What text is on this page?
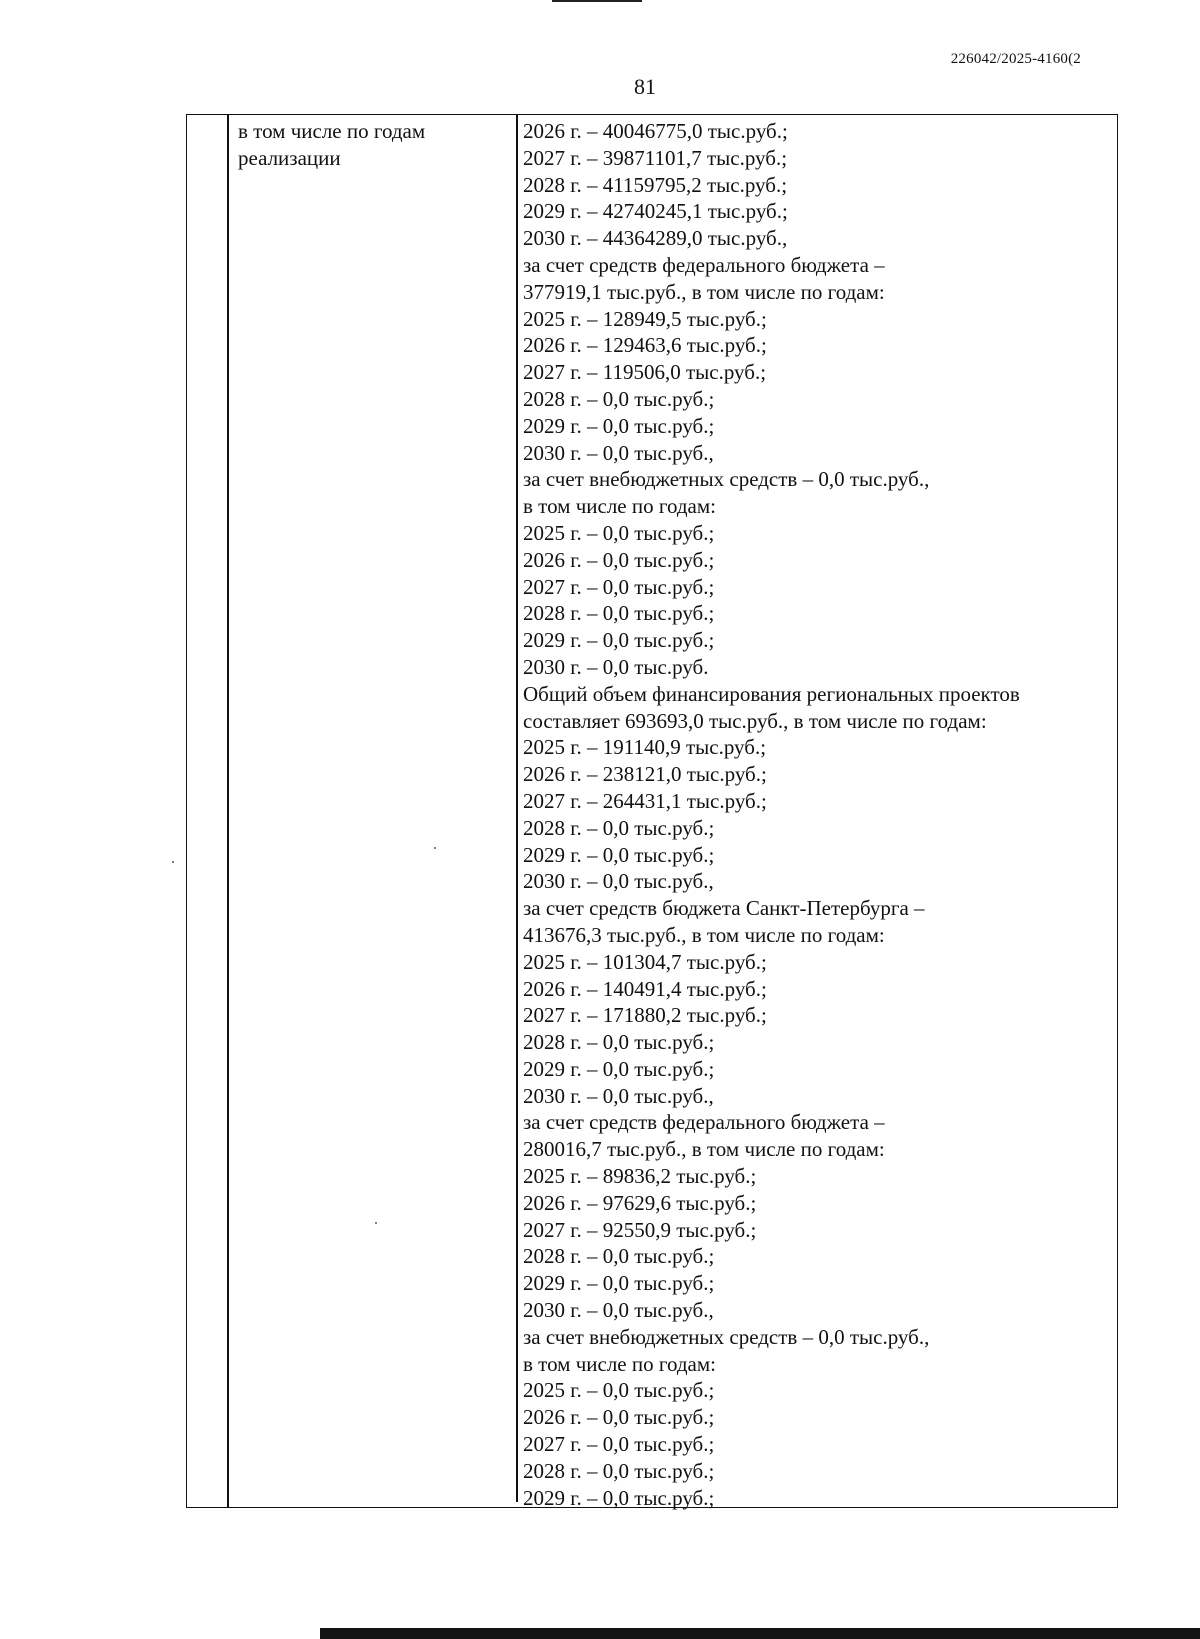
226042/2025-4160(2
81
в том числе по годам
реализации
2026 г. – 40046775,0 тыс.руб.;
2027 г. – 39871101,7 тыс.руб.;
2028 г. – 41159795,2 тыс.руб.;
2029 г. – 42740245,1 тыс.руб.;
2030 г. – 44364289,0 тыс.руб.,
за счет средств федерального бюджета –
377919,1 тыс.руб., в том числе по годам:
2025 г. – 128949,5 тыс.руб.;
2026 г. – 129463,6 тыс.руб.;
2027 г. – 119506,0 тыс.руб.;
2028 г. – 0,0 тыс.руб.;
2029 г. – 0,0 тыс.руб.;
2030 г. – 0,0 тыс.руб.,
за счет внебюджетных средств – 0,0 тыс.руб.,
в том числе по годам:
2025 г. – 0,0 тыс.руб.;
2026 г. – 0,0 тыс.руб.;
2027 г. – 0,0 тыс.руб.;
2028 г. – 0,0 тыс.руб.;
2029 г. – 0,0 тыс.руб.;
2030 г. – 0,0 тыс.руб.
Общий объем финансирования региональных проектов
составляет 693693,0 тыс.руб., в том числе по годам:
2025 г. – 191140,9 тыс.руб.;
2026 г. – 238121,0 тыс.руб.;
2027 г. – 264431,1 тыс.руб.;
2028 г. – 0,0 тыс.руб.;
2029 г. – 0,0 тыс.руб.;
2030 г. – 0,0 тыс.руб.,
за счет средств бюджета Санкт-Петербурга –
413676,3 тыс.руб., в том числе по годам:
2025 г. – 101304,7 тыс.руб.;
2026 г. – 140491,4 тыс.руб.;
2027 г. – 171880,2 тыс.руб.;
2028 г. – 0,0 тыс.руб.;
2029 г. – 0,0 тыс.руб.;
2030 г. – 0,0 тыс.руб.,
за счет средств федерального бюджета –
280016,7 тыс.руб., в том числе по годам:
2025 г. – 89836,2 тыс.руб.;
2026 г. – 97629,6 тыс.руб.;
2027 г. – 92550,9 тыс.руб.;
2028 г. – 0,0 тыс.руб.;
2029 г. – 0,0 тыс.руб.;
2030 г. – 0,0 тыс.руб.,
за счет внебюджетных средств – 0,0 тыс.руб.,
в том числе по годам:
2025 г. – 0,0 тыс.руб.;
2026 г. – 0,0 тыс.руб.;
2027 г. – 0,0 тыс.руб.;
2028 г. – 0,0 тыс.руб.;
2029 г. – 0,0 тыс.руб.;
